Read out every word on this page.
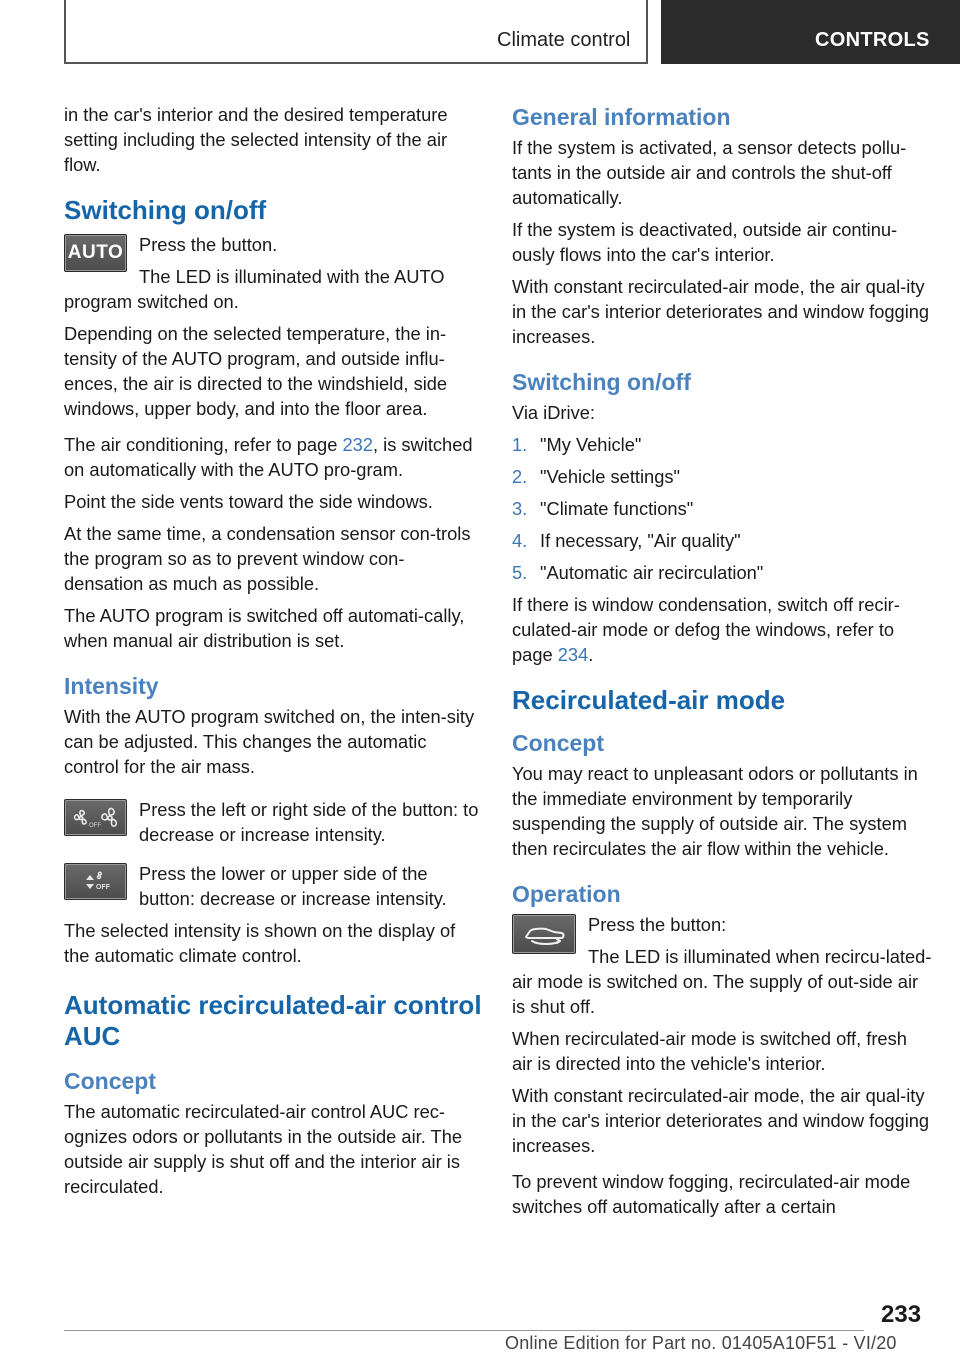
Climate control	CONTROLS

in the car's interior and the desired temperature setting including the selected intensity of the air flow.

Switching on/off
AUTO Press the button.

The LED is illuminated with the AUTO program switched on.

Depending on the selected temperature, the in‐tensity of the AUTO program, and outside influ‐ences, the air is directed to the windshield, side windows, upper body, and into the floor area.

The air conditioning, refer to page 232, is switched on automatically with the AUTO pro‐gram.

Point the side vents toward the side windows.

At the same time, a condensation sensor con‐trols the program so as to prevent window con‐densation as much as possible.

The AUTO program is switched off automati‐cally, when manual air distribution is set.

Intensity

With the AUTO program switched on, the inten‐sity can be adjusted. This changes the automatic control for the air mass.

OFF

Press the left or right side of the button: to decrease or increase intensity.

OFF

Press the lower or upper side of the button: decrease or increase intensity.

The selected intensity is shown on the display of the automatic climate control.

Automatic recirculated-air control AUC
Concept

The automatic recirculated-air control AUC rec‐ognizes odors or pollutants in the outside air. The outside air supply is shut off and the interior air is recirculated.

General information

If the system is activated, a sensor detects pollu‐tants in the outside air and controls the shut-off automatically.

If the system is deactivated, outside air continu‐ously flows into the car's interior.

With constant recirculated-air mode, the air qual‐ity in the car's interior deteriorates and window fogging increases.

Switching on/off

Via iDrive:

1. "My Vehicle"
2. "Vehicle settings"
3. "Climate functions"
4. If necessary, "Air quality"
5. "Automatic air recirculation"

If there is window condensation, switch off recir‐culated-air mode or defog the windows, refer to page 234.

Recirculated-air mode
Concept

You may react to unpleasant odors or pollutants in the immediate environment by temporarily suspending the supply of outside air. The system then recirculates the air flow within the vehicle.

Operation

Press the button:

The LED is illuminated when recircu‐lated-air mode is switched on. The supply of out‐side air is shut off.

When recirculated-air mode is switched off, fresh air is directed into the vehicle's interior.

With constant recirculated-air mode, the air qual‐ity in the car's interior deteriorates and window fogging increases.

To prevent window fogging, recirculated-air mode switches off automatically after a certain

233
Online Edition for Part no. 01405A10F51 - VI/20
